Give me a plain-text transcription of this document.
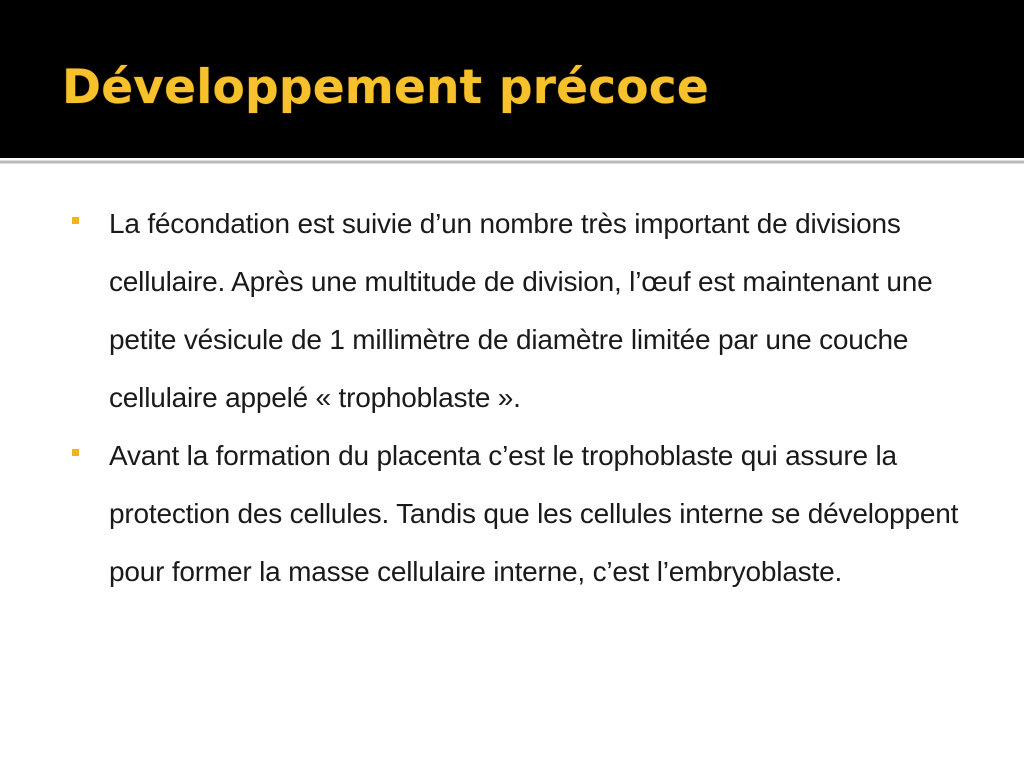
Développement précoce
La fécondation est suivie d’un nombre très important de divisions cellulaire. Après une multitude de division, l’œuf est maintenant une petite vésicule de 1 millimètre de diamètre limitée par une couche cellulaire appelé « trophoblaste ».
Avant la formation du placenta c’est le trophoblaste qui assure la protection des cellules. Tandis que les cellules interne se développent pour former la masse cellulaire interne, c’est l’embryoblaste.
